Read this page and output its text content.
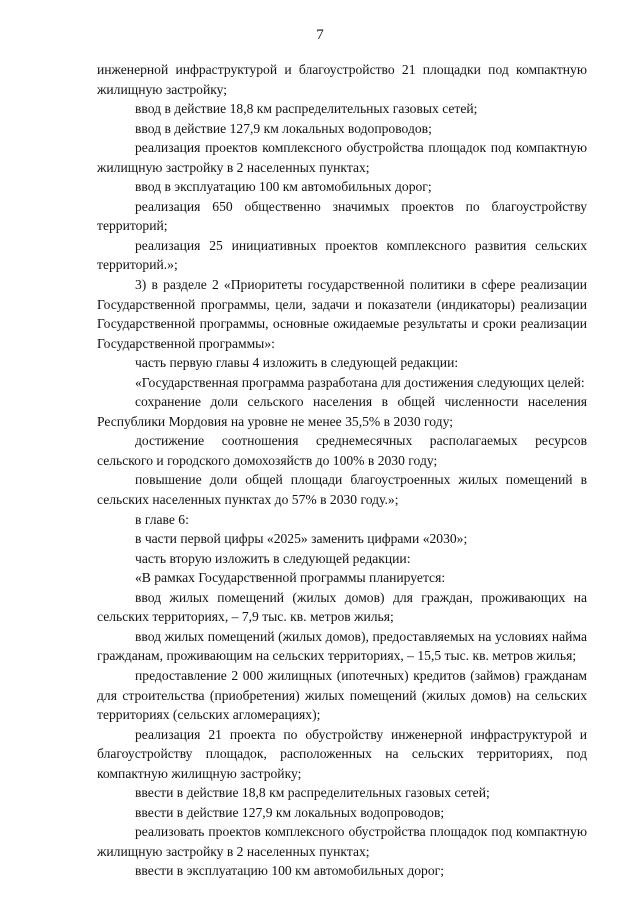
7

инженерной инфраструктурой и благоустройство 21 площадки под компактную жилищную застройку;

ввод в действие 18,8 км распределительных газовых сетей;

ввод в действие 127,9 км локальных водопроводов;

реализация проектов комплексного обустройства площадок под компактную жилищную застройку в 2 населенных пунктах;

ввод в эксплуатацию 100 км автомобильных дорог;

реализация 650 общественно значимых проектов по благоустройству территорий;

реализация 25 инициативных проектов комплексного развития сельских территорий.»;

3) в разделе 2 «Приоритеты государственной политики в сфере реализации Государственной программы, цели, задачи и показатели (индикаторы) реализации Государственной программы, основные ожидаемые результаты и сроки реализации Государственной программы»:

часть первую главы 4 изложить в следующей редакции:

«Государственная программа разработана для достижения следующих целей:

сохранение доли сельского населения в общей численности населения Республики Мордовия на уровне не менее 35,5% в 2030 году;

достижение соотношения среднемесячных располагаемых ресурсов сельского и городского домохозяйств до 100% в 2030 году;

повышение доли общей площади благоустроенных жилых помещений в сельских населенных пунктах до 57% в 2030 году.»;

в главе 6:

в части первой цифры «2025» заменить цифрами «2030»;

часть вторую изложить в следующей редакции:

«В рамках Государственной программы планируется:

ввод жилых помещений (жилых домов) для граждан, проживающих на сельских территориях, – 7,9 тыс. кв. метров жилья;

ввод жилых помещений (жилых домов), предоставляемых на условиях найма гражданам, проживающим на сельских территориях, – 15,5 тыс. кв. метров жилья;

предоставление 2 000 жилищных (ипотечных) кредитов (займов) гражданам для строительства (приобретения) жилых помещений (жилых домов) на сельских территориях (сельских агломерациях);

реализация 21 проекта по обустройству инженерной инфраструктурой и благоустройству площадок, расположенных на сельских территориях, под компактную жилищную застройку;

ввести в действие 18,8 км распределительных газовых сетей;

ввести в действие 127,9 км локальных водопроводов;

реализовать проектов комплексного обустройства площадок под компактную жилищную застройку в 2 населенных пунктах;

ввести в эксплуатацию 100 км автомобильных дорог;
